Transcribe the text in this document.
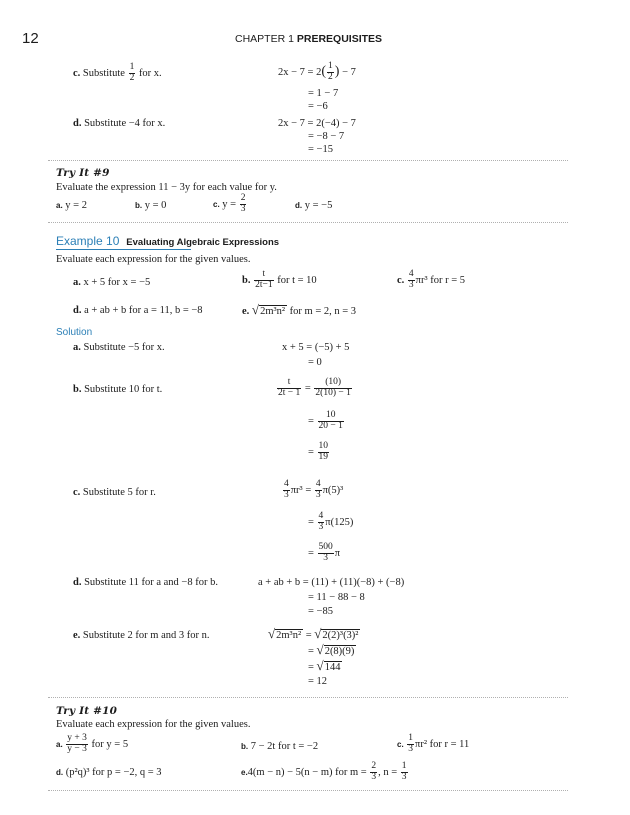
12	CHAPTER 1 PREREQUISITES
c. Substitute $\frac{1}{2}$ for x.	$2x - 7 = 2( \frac{1}{2}$ ) − 7
= 1 − 7
= −6
d. Substitute −4 for x.	2x − 7 = 2(−4) − 7
= −8 − 7
= −15
Try It #9
Evaluate the expression 11 − 3y for each value for y.
a. y = 2	b. y = 0	c. $y = \frac{2}{3}$	d. y = −5
Example 10 Evaluating Algebraic Expressions
Evaluate each expression for the given values.
a. x + 5 for x = −5	b. $\frac{t}{2t-1}$ for t = 10	c. $\frac{4}{3} \pi r^3$ for r = 5
d. a + ab + b for a = 11, b = −8	e. √2m³n² for m = 2, n = 3
Solution
a. Substitute −5 for x.	x + 5 = (−5) + 5
= 0
b. Substitute 10 for t.	$\frac{t}{2t - 1} = \frac{(10)}{2(10) - 1}$
= $\frac{10}{20 - 1}$
= $\frac{10}{19}$
c. Substitute 5 for r.	$\frac{4}{3} \pi r^3 = \frac{4}{3} \pi(5)^3$
= $\frac{4}{3} \pi(125)$
= $\frac{500}{3}$ π
d. Substitute 11 for a and −8 for b.	a + ab + b = (11) + (11)(−8) + (−8)
= 11 − 88 − 8
= −85
e. Substitute 2 for m and 3 for n.	√2m³n² = √2(2)³(3)²
= √2(8)(9)
= √144
= 12
Try It #10
Evaluate each expression for the given values.
a. $\frac{y + 3}{y - 3}$ for y = 5	b. 7 − 2t for t = −2	c. $\frac{1}{3} \pi r^2$ for r = 11
d. (p²q)³ for p = −2, q = 3	e.4(m − n) − 5(n − m) for $m = \frac{2}{3}$ , $n = \frac{1}{3}$
